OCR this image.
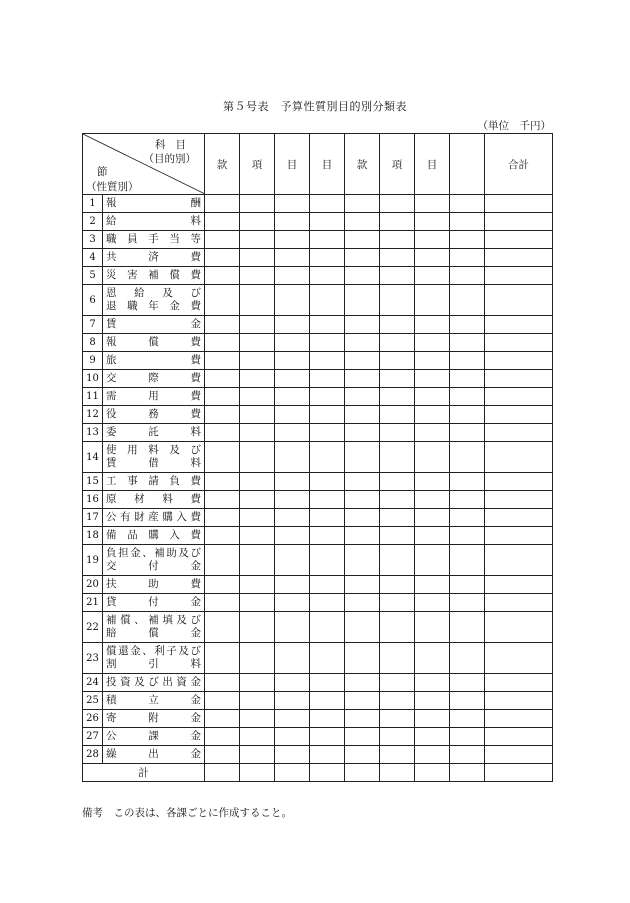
第５号表　予算性質別目的別分類表
（単位　千円）
科目
（目的別）
節
（性質別）		款	項	目	目	款	項	目		合計
1	報　　　　酬									

2	給　　　　料									

3	職員手当等									

4	共　　済　　費									

5	災害補償費									

6	恩　給　及　び
退職年金費									

7	賃　　　　金									

8	報　　償　　費									

9	旅　　　　費									

10	交　　際　　費									

11	需　　用　　費									

12	役　　務　　費									

13	委　　託　　料									

14	使用料及び
賃　　借　　料									

15	工事請負費									

16	原材料費									

17	公有財産購入費									

18	備品購入費									

19	負担金、補助及び
交　　付　　金									

20	扶　　助　　費									

21	貸　　付　　金									

22	補償、補填及び
賠　　償　　金									

23	償還金、利子及び
割　　引　　料									

24	投資及び出資金									

25	積　　立　　金									

26	寄　　附　　金									

27	公　　課　　金									

28	繰　　出　　金									

計										
備考　この表は、各課ごとに作成すること。
